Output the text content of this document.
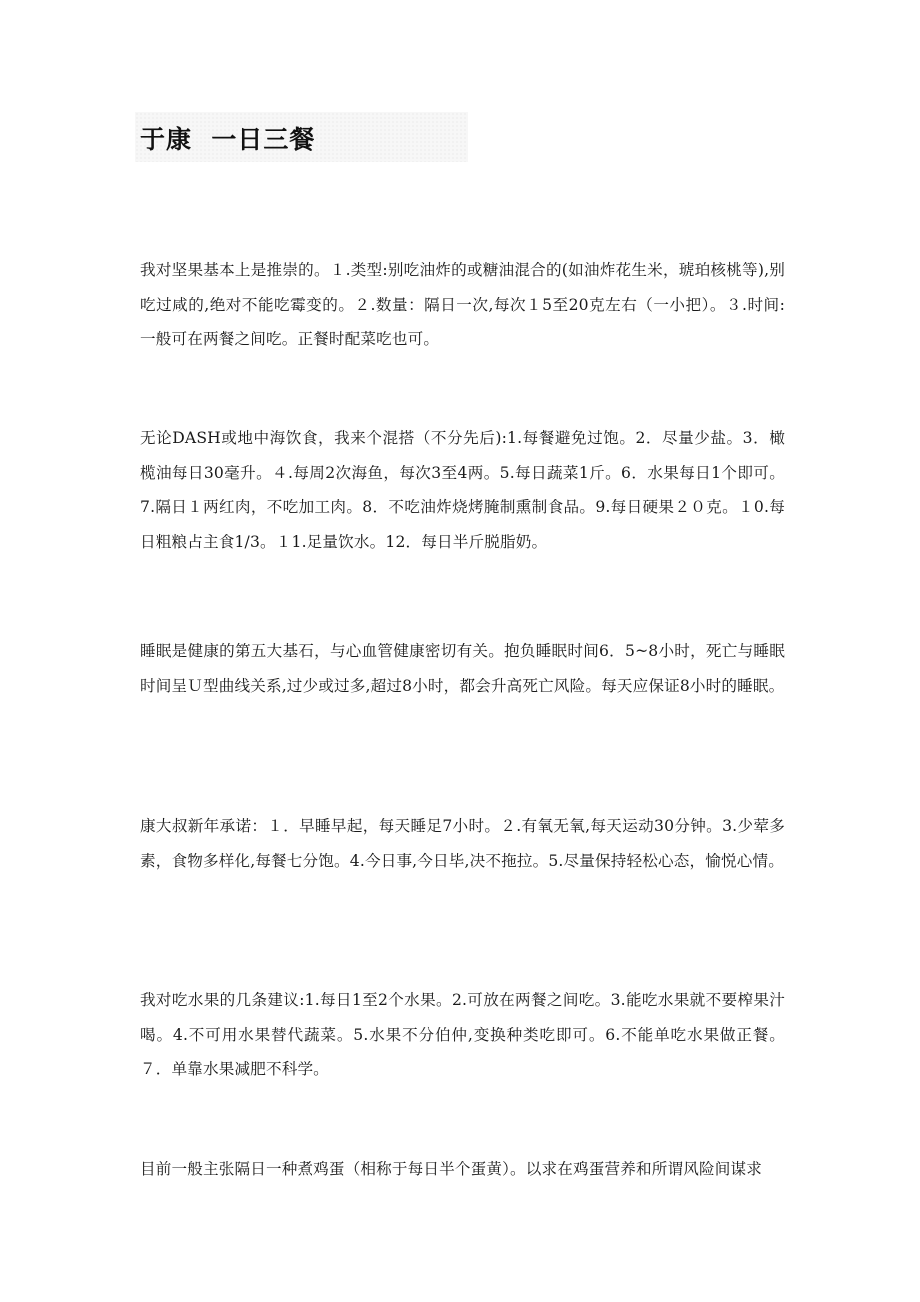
于康  一日三餐

我对坚果基本上是推崇的。１.类型:别吃油炸的或糖油混合的(如油炸花生米，琥珀核桃等),别吃过咸的,绝对不能吃霉变的。２.数量：隔日一次,每次１5至20克左右（一小把）。３.时间:一般可在两餐之间吃。正餐时配菜吃也可。

无论DASH或地中海饮食，我来个混搭（不分先后):1.每餐避免过饱。2．尽量少盐。3．橄榄油每日30毫升。４.每周2次海鱼，每次3至4两。5.每日蔬菜1斤。6．水果每日1个即可。7.隔日１两红肉，不吃加工肉。8．不吃油炸烧烤腌制熏制食品。9.每日硬果２０克。１0.每日粗粮占主食1/3。１1.足量饮水。12．每日半斤脱脂奶。

睡眠是健康的第五大基石，与心血管健康密切有关。抱负睡眠时间6．5~8小时，死亡与睡眠时间呈Ｕ型曲线关系,过少或过多,超过8小时，都会升高死亡风险。每天应保证8小时的睡眠。

康大叔新年承诺：１．早睡早起，每天睡足7小时。２.有氧无氧,每天运动30分钟。3.少荤多素，食物多样化,每餐七分饱。4.今日事,今日毕,决不拖拉。5.尽量保持轻松心态，愉悦心情。

我对吃水果的几条建议:1.每日1至2个水果。2.可放在两餐之间吃。3.能吃水果就不要榨果汁喝。4.不可用水果替代蔬菜。5.水果不分伯仲,变换种类吃即可。6.不能单吃水果做正餐。７．单靠水果减肥不科学。

目前一般主张隔日一种煮鸡蛋（相称于每日半个蛋黄）。以求在鸡蛋营养和所谓风险间谋求
